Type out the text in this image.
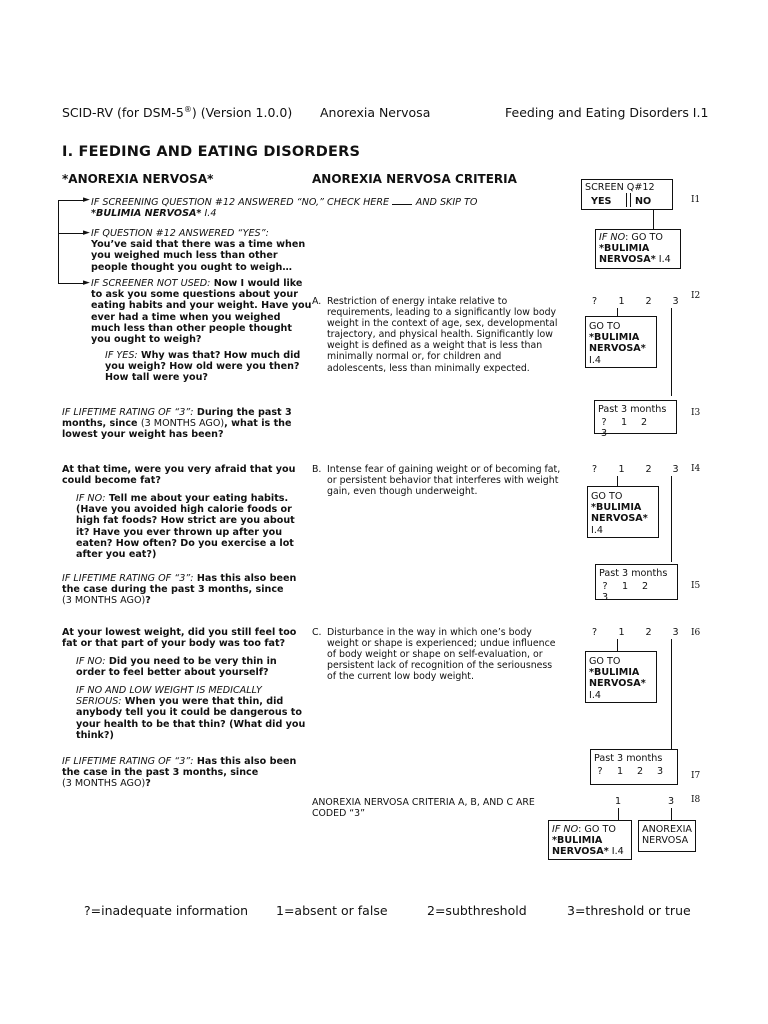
SCID-RV (for DSM-5®) (Version 1.0.0) Anorexia Nervosa	Feeding and Eating Disorders I.1
I. FEEDING AND EATING DISORDERS
*ANOREXIA NERVOSA*	ANOREXIA NERVOSA CRITERIA
►
►
►
IF SCREENING QUESTION #12 ANSWERED “NO,” CHECK HERE	AND SKIP TO
*BULIMIA NERVOSA* I.4
SCREEN Q#12
YES NO	I1
IF NO: GO TO
*BULIMIA NERVOSA* I.4
IF QUESTION #12 ANSWERED “YES”:
You’ve said that there was a time when you weighed much less than other people thought you ought to weigh…
IF SCREENER NOT USED: Now I would like to ask you some questions about your eating habits and your weight. Have you ever had a time when you weighed much less than other people thought you ought to weigh?
IF YES: Why was that? How much did you weigh? How old were you then? How tall were you?
A. Restriction of energy intake relative to requirements, leading to a significantly low body weight in the context of age, sex, developmental trajectory, and physical health. Significantly low weight is defined as a weight that is less than minimally normal or, for children and adolescents, less than minimally expected.
? 1 2 3	I2
GO TO
*BULIMIA NERVOSA*
I.4
Past 3 months
? 1 23
I3
IF LIFETIME RATING OF “3”: During the past 3 months, since (3 MONTHS AGO), what is the lowest your weight has been?
At that time, were you very afraid that you could become fat?
IF NO: Tell me about your eating habits. (Have you avoided high calorie foods or high fat foods? How strict are you about it? Have you ever thrown up after you eaten? How often? Do you exercise a lot after you eat?)
B. Intense fear of gaining weight or of becoming fat, or persistent behavior that interferes with weight gain, even though underweight.
? 1 2 3	I4
GO TO
*BULIMIA NERVOSA*
I.4
Past 3 months
? 1 23
I5
IF LIFETIME RATING OF “3”: Has this also been the case during the past 3 months, since
(3 MONTHS AGO)?
At your lowest weight, did you still feel too fat or that part of your body was too fat?
IF NO: Did you need to be very thin in order to feel better about yourself?
IF NO AND LOW WEIGHT IS MEDICALLY SERIOUS: When you were that thin, did anybody tell you it could be dangerous to your health to be that thin? (What did you think?)
C. Disturbance in the way in which one’s body weight or shape is experienced; undue influence of body weight or shape on self-evaluation, or persistent lack of recognition of the seriousness of the current low body weight.
? 1 2 3	I6
GO TO
*BULIMIA NERVOSA*
I.4
Past 3 months
? 1 2 3	I7
IF LIFETIME RATING OF “3”: Has this also been the case in the past 3 months, since
(3 MONTHS AGO)?
ANOREXIA NERVOSA CRITERIA A, B, AND C ARE CODED “3”
1	3 I8
IF NO: GO TO
*BULIMIA NERVOSA* I.4
ANOREXIA NERVOSA
?=inadequate information 1=absent or false	2=subthreshold	3=threshold or true
